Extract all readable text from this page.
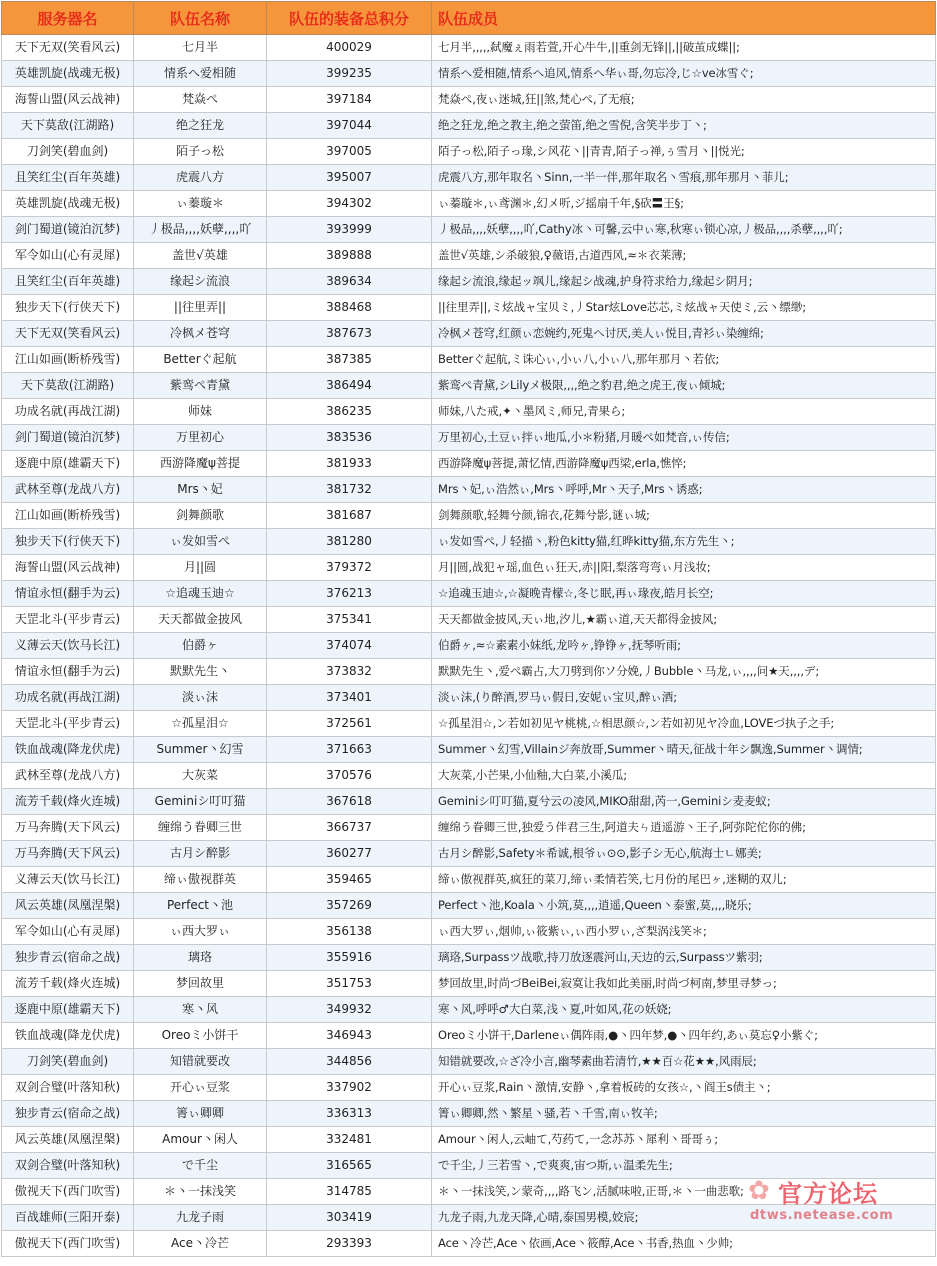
服务器名	队伍名称	队伍的装备总积分	队伍成员
天下无双(笑看风云)	七月半	400029	七月半,,,,,弑魔ぇ雨若萱,开心牛牛,||重剑无锋||,||破茧成蝶||;
英雄凯旋(战魂无极)	情系へ爱相随	399235	情系へ爱相随,情系へ追风,情系へ华ぃ哥,勿忘冷,じ☆ve冰雪ぐ;
海誓山盟(风云战神)	梵焱ぺ	397184	梵焱ぺ,夜ぃ迷城,狂||煞,梵心ぺ,了无痕;
天下莫敌(江湖路)	绝之狂龙	397044	绝之狂龙,绝之教主,绝之萤笛,绝之雪倪,含笑半步丁丶;
刀剑笑(碧血剑)	陌子っ松	397005	陌子っ松,陌子っ瑑,シ风花丶||青青,陌子っ禅,ぅ雪月丶||悦光;
且笑红尘(百年英雄)	虎震八方	395007	虎震八方,那年取名丶Sinn,一半一伴,那年取名丶雪痕,那年那月丶菲儿;
英雄凯旋(战魂无极)	ぃ蓁璇＊	394302	ぃ蓁璇＊,ぃ鸢渊＊,幻メ听,ジ摇扇千年,§砍〓王§;
剑门蜀道(镜泊沉梦)	丿极品,,,,妖孽,,,,吖	393999	丿极品,,,,妖孽,,,,吖,Cathy冰丶可馨,云中ぃ寒,秋寒ぃ锁心凉,丿极品,,,,杀孽,,,,吖;
军令如山(心有灵犀)	盖世√英雄	389888	盖世√英雄,シ杀破狼,♀薇语,古道西风,≈＊衣莱薄;
且笑红尘(百年英雄)	缘起シ流浪	389634	缘起シ流浪,缘起ッ飒儿,缘起シ战魂,护身符求给力,缘起シ阴月;
独步天下(行侠天下)	||往里弄||	388468	||往里弄||,ミ炫战ャ宝贝ミ,丿Star炫Love芯芯,ミ炫战ャ天使ミ,云丶缥缈;
天下无双(笑看风云)	冷枫メ苍穹	387673	冷枫メ苍穹,红颜ぃ恋婉约,死鬼へ讨厌,美人ぃ悦目,青衫ぃ染缠绵;
江山如画(断桥残雪)	Betterぐ起航	387385	Betterぐ起航,ミ诛心ぃ,小ぃ八,小ぃ八,那年那月丶若依;
天下莫敌(江湖路)	紫鸾ぺ青黛	386494	紫鸾ぺ青黛,シLilyメ极限,,,,绝之豹君,绝之虎王,夜ぃ倾城;
功成名就(再战江湖)	师妹	386235	师妹,八た戒,✦丶墨风ミ,师兄,青果ら;
剑门蜀道(镜泊沉梦)	万里初心	383536	万里初心,土豆ぃ拌ぃ地瓜,小＊粉猪,月暖ぺ如梵音,ぃ传信;
逐鹿中原(雄霸天下)	西游降魔ψ菩提	381933	西游降魔ψ菩提,萧忆情,西游降魔ψ西梁,erla,憔悴;
武林至尊(龙战八方)	Mrs丶妃	381732	Mrs丶妃,ぃ浩然ぃ,Mrs丶呼呼,Mr丶天子,Mrs丶诱惑;
江山如画(断桥残雪)	剑舞颜歌	381687	剑舞颜歌,轻舞兮颜,锦衣,花舞兮影,谜ぃ城;
独步天下(行侠天下)	ぃ发如雪ぺ	381280	ぃ发如雪ぺ,丿轻描丶,粉色kitty猫,红晔kitty猫,东方先生丶;
海誓山盟(风云战神)	月||圆	379372	月||圆,战犯ャ瑶,血色ぃ狂天,赤||阳,梨落弯弯ぃ月浅妆;
情谊永恒(翻手为云)	☆追魂玉迪☆	376213	☆追魂玉迪☆,☆凝晚青檬☆,冬じ眠,再ぃ瑑夜,皓月长空;
天罡北斗(平步青云)	天天都做金披风	375341	天天都做金披风,天ぃ地,汐儿,★霸ぃ道,天天都得金披风;
义薄云天(饮马长江)	伯爵ヶ	374074	伯爵ヶ,≈☆素素小妹纸,龙吟ヶ,铮铮ヶ,抚琴听雨;
情谊永恒(翻手为云)	默默先生丶	373832	默默先生丶,爱ぺ霸占,大刀劈到你ソ分娩,丿Bubble丶马龙,ぃ,,,,问★天,,,,デ;
功成名就(再战江湖)	淡ぃ沫	373401	淡ぃ沫,(り醉酒,罗马ぃ假日,安妮ぃ宝贝,醉ぃ酒;
天罡北斗(平步青云)	☆孤星泪☆	372561	☆孤星泪☆,ン若如初见ヤ桃桃,☆相思颜☆,ン若如初见ヤ冷血,LOVEづ执子之手;
铁血战魂(降龙伏虎)	Summer丶幻雪	371663	Summer丶幻雪,Villainジ奔放哥,Summer丶晴天,征战十年シ飘逸,Summer丶调情;
武林至尊(龙战八方)	大灰菜	370576	大灰菜,小芒果,小仙釉,大白菜,小溪瓜;
流芳千载(烽火连城)	Geminiシ叮叮猫	367618	Geminiシ叮叮猫,夏兮云の凌风,MIKO甜甜,芮一,Geminiシ麦麦蚁;
万马奔腾(天下风云)	缠绵う眷卿三世	366737	缠绵う眷卿三世,独爱う伴君三生,阿道夫ㄣ逍遥游丶王子,阿弥陀佗你的佛;
万马奔腾(天下风云)	古月シ醉影	360277	古月シ醉影,Safety＊希诚,根爷ぃ⊙⊙,影子シ无心,航海士ㄴ娜美;
义薄云天(饮马长江)	缔ぃ傲视群英	359465	缔ぃ傲视群英,疯狂的菜刀,缔ぃ柔情若笑,七月份的尾巴ヶ,迷糊的双儿;
风云英雄(凤凰涅槃)	Perfect丶池	357269	Perfect丶池,Koala丶小筑,莫,,,,逍遥,Queen丶泰蜜,莫,,,,晓乐;
军令如山(心有灵犀)	ぃ西大罗ぃ	356138	ぃ西大罗ぃ,烟帅,ぃ筱紫ぃ,ぃ西小罗ぃ,ざ梨涡浅笑＊;
独步青云(宿命之战)	璃珞	355916	璃珞,Surpassツ战歌,持刀放逐震河山,天边的云,Surpassツ紫羽;
流芳千载(烽火连城)	梦回故里	351753	梦回故里,时尚づBeiBei,寂寞让我如此美丽,时尚づ柯南,梦里寻梦っ;
逐鹿中原(雄霸天下)	寒丶风	349932	寒丶风,呼呼♂大白菜,浅丶夏,叶如风,花の妖娆;
铁血战魂(降龙伏虎)	Oreoミ小饼干	346943	Oreoミ小饼干,Darleneぃ偶阵雨,●丶四年梦,●丶四年约,あぃ莫忘♀小紫ぐ;
刀剑笑(碧血剑)	知错就要改	344856	知错就要改,☆ざ冷小言,幽琴素曲若清竹,★★百☆花★★,风雨辰;
双剑合璧(叶落知秋)	开心ぃ豆浆	337902	开心ぃ豆浆,Rain丶激情,安静丶,拿着板砖的女孩☆,丶阎王s债主丶;
独步青云(宿命之战)	箐ぃ卿卿	336313	箐ぃ卿卿,然丶繁星丶骚,若丶千雪,南ぃ牧羊;
风云英雄(凤凰涅槃)	Amour丶闲人	332481	Amour丶闲人,云岫て,芍药て,一念苏苏丶犀利丶哥哥ぅ;
双剑合璧(叶落知秋)	で千尘	316565	で千尘,丿三若雪丶,で爽爽,宙つ斯,ぃ温柔先生;
傲视天下(西门吹雪)	＊丶一抹浅笑	314785	＊丶一抹浅笑,ン蒙奇,,,,路飞ン,活腻味啦,正哥,＊丶一曲悲歌;
百战雄师(三阳开泰)	九龙子雨	303419	九龙子雨,九龙天降,心晴,泰国男模,姣宸;
傲视天下(西门吹雪)	Ace丶冷芒	293393	Ace丶冷芒,Ace丶依画,Ace丶筱醇,Ace丶书香,热血丶少帅;
✿ 官方论坛
dtws.netease.com
